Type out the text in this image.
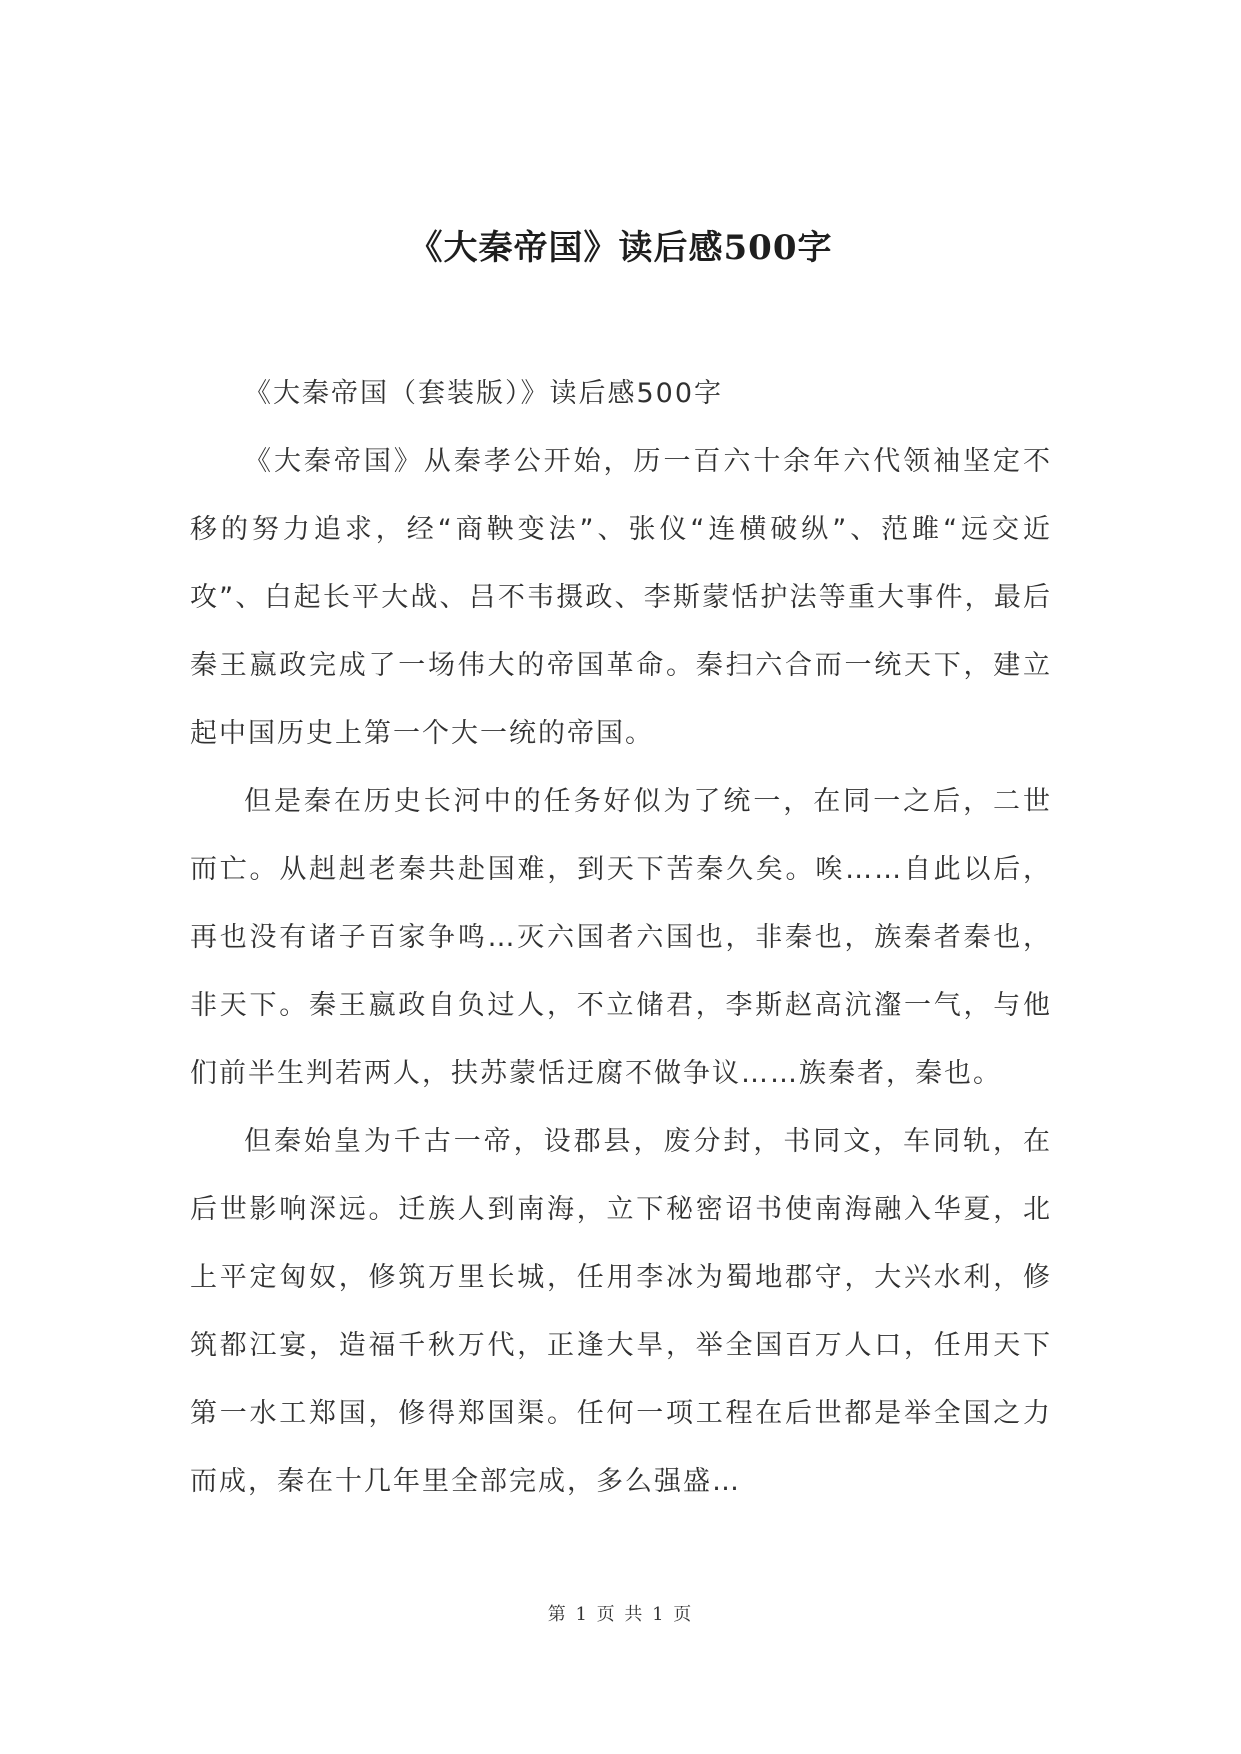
《大秦帝国》读后感500字

《大秦帝国（套装版）》读后感500字

《大秦帝国》从秦孝公开始，历一百六十余年六代领袖坚定不移的努力追求，经“商鞅变法”、张仪“连横破纵”、范雎“远交近攻”、白起长平大战、吕不韦摄政、李斯蒙恬护法等重大事件，最后秦王嬴政完成了一场伟大的帝国革命。秦扫六合而一统天下，建立起中国历史上第一个大一统的帝国。

但是秦在历史长河中的任务好似为了统一，在同一之后，二世而亡。从赳赳老秦共赴国难，到天下苦秦久矣。唉……自此以后，再也没有诸子百家争鸣…灭六国者六国也，非秦也，族秦者秦也，非天下。秦王嬴政自负过人，不立储君，李斯赵高沆瀣一气，与他们前半生判若两人，扶苏蒙恬迂腐不做争议……族秦者，秦也。

但秦始皇为千古一帝，设郡县，废分封，书同文，车同轨，在后世影响深远。迁族人到南海，立下秘密诏书使南海融入华夏，北上平定匈奴，修筑万里长城，任用李冰为蜀地郡守，大兴水利，修筑都江宴，造福千秋万代，正逢大旱，举全国百万人口，任用天下第一水工郑国，修得郑国渠。任何一项工程在后世都是举全国之力而成，秦在十几年里全部完成，多么强盛…

第 1 页 共 1 页
